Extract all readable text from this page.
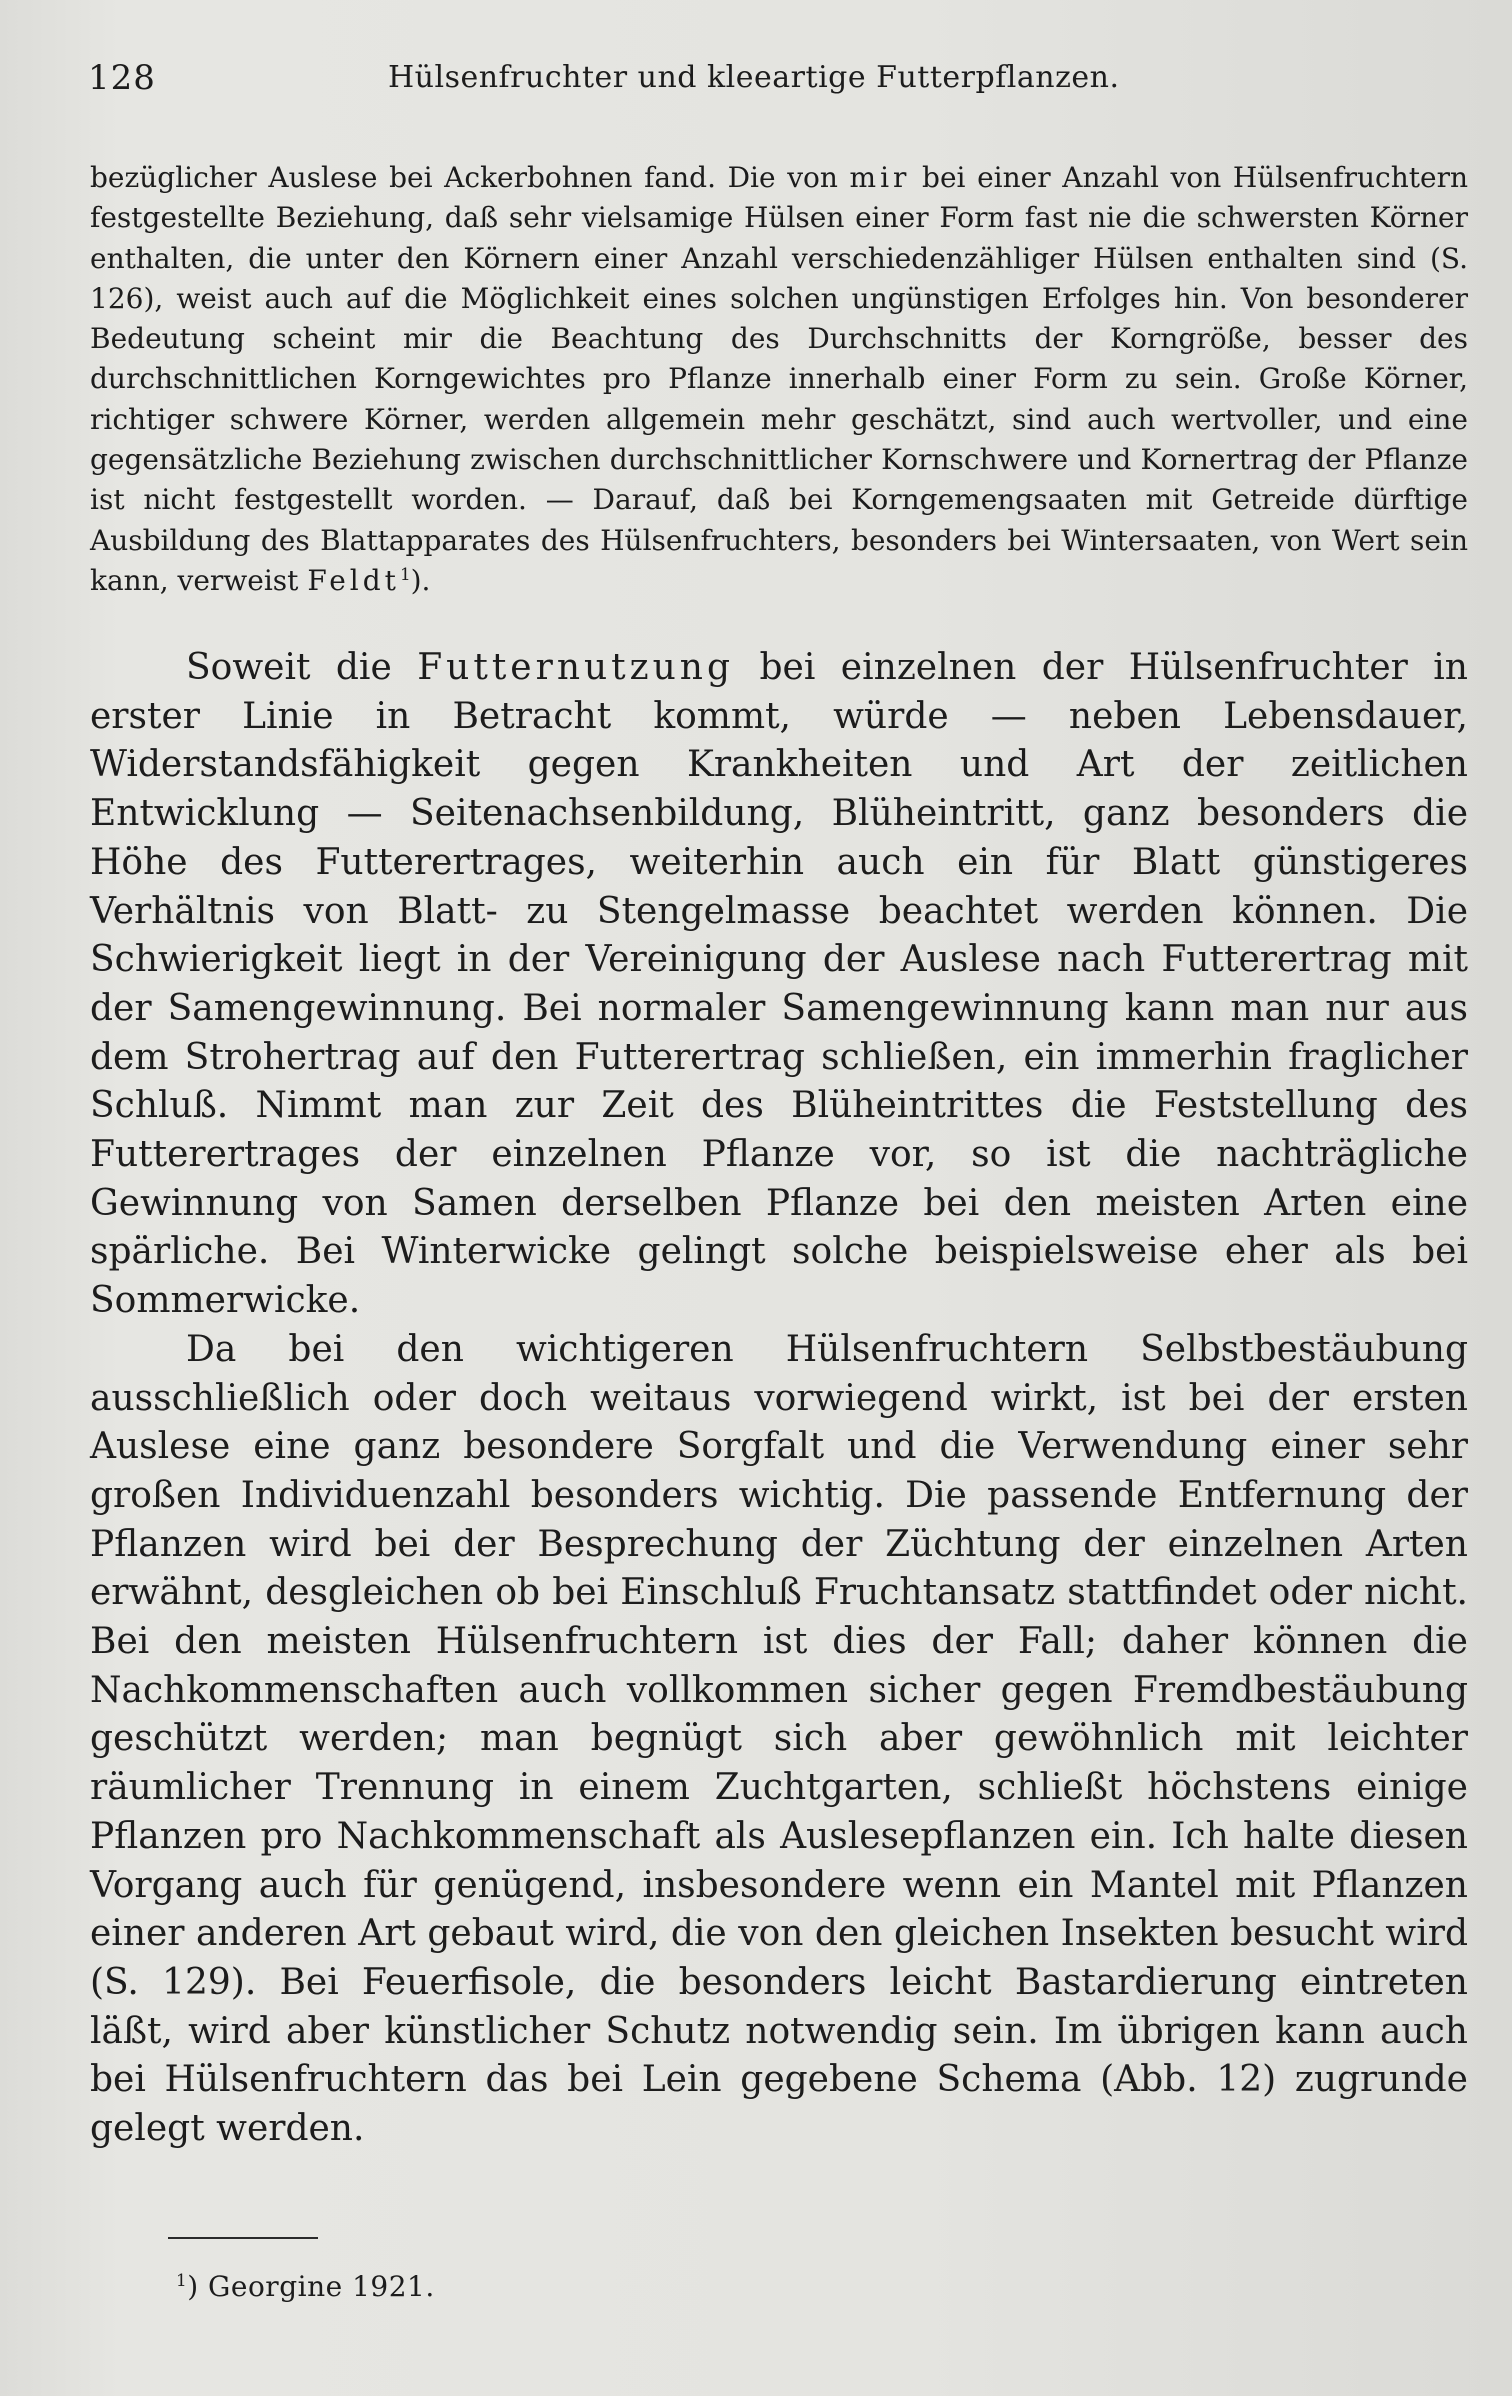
128	Hülsenfruchter und kleeartige Futterpflanzen.

bezüglicher Auslese bei Ackerbohnen fand. Die von mir bei einer Anzahl von Hülsenfruchtern festgestellte Beziehung, daß sehr vielsamige Hülsen einer Form fast nie die schwersten Körner enthalten, die unter den Körnern einer Anzahl verschiedenzähliger Hülsen enthalten sind (S. 126), weist auch auf die Möglichkeit eines solchen ungünstigen Erfolges hin. Von besonderer Bedeutung scheint mir die Beachtung des Durchschnitts der Korngröße, besser des durchschnittlichen Korngewichtes pro Pflanze innerhalb einer Form zu sein. Große Körner, richtiger schwere Körner, werden allgemein mehr geschätzt, sind auch wertvoller, und eine gegensätzliche Beziehung zwischen durchschnittlicher Kornschwere und Kornertrag der Pflanze ist nicht festgestellt worden. — Darauf, daß bei Korngemengsaaten mit Getreide dürftige Ausbildung des Blattapparates des Hülsenfruchters, besonders bei Wintersaaten, von Wert sein kann, verweist Feldt$^1$).

Soweit die Futternutzung bei einzelnen der Hülsenfruchter in erster Linie in Betracht kommt, würde — neben Lebensdauer, Widerstandsfähigkeit gegen Krankheiten und Art der zeitlichen Entwicklung — Seitenachsenbildung, Blüheintritt, ganz besonders die Höhe des Futterertrages, weiterhin auch ein für Blatt günstigeres Verhältnis von Blatt- zu Stengelmasse beachtet werden können. Die Schwierigkeit liegt in der Vereinigung der Auslese nach Futterertrag mit der Samengewinnung. Bei normaler Samengewinnung kann man nur aus dem Strohertrag auf den Futterertrag schließen, ein immerhin fraglicher Schluß. Nimmt man zur Zeit des Blüheintrittes die Feststellung des Futterertrages der einzelnen Pflanze vor, so ist die nachträgliche Gewinnung von Samen derselben Pflanze bei den meisten Arten eine spärliche. Bei Winterwicke gelingt solche beispielsweise eher als bei Sommerwicke.

Da bei den wichtigeren Hülsenfruchtern Selbstbestäubung ausschließlich oder doch weitaus vorwiegend wirkt, ist bei der ersten Auslese eine ganz besondere Sorgfalt und die Verwendung einer sehr großen Individuenzahl besonders wichtig. Die passende Entfernung der Pflanzen wird bei der Besprechung der Züchtung der einzelnen Arten erwähnt, desgleichen ob bei Einschluß Fruchtansatz stattfindet oder nicht. Bei den meisten Hülsenfruchtern ist dies der Fall; daher können die Nachkommenschaften auch vollkommen sicher gegen Fremdbestäubung geschützt werden; man begnügt sich aber gewöhnlich mit leichter räumlicher Trennung in einem Zuchtgarten, schließt höchstens einige Pflanzen pro Nachkommenschaft als Auslesepflanzen ein. Ich halte diesen Vorgang auch für genügend, insbesondere wenn ein Mantel mit Pflanzen einer anderen Art gebaut wird, die von den gleichen Insekten besucht wird (S. 129). Bei Feuerfisole, die besonders leicht Bastardierung eintreten läßt, wird aber künstlicher Schutz notwendig sein. Im übrigen kann auch bei Hülsenfruchtern das bei Lein gegebene Schema (Abb. 12) zugrunde gelegt werden.

$^1$) Georgine 1921.
